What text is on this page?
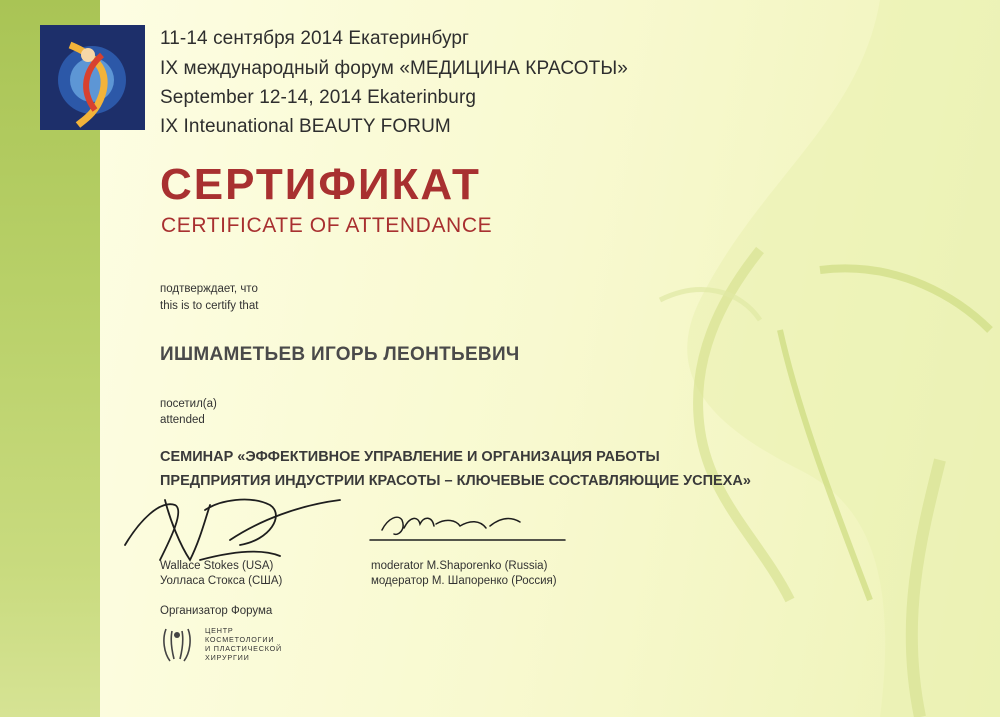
11-14 сентября 2014 Екатеринбург
IX международный форум «МЕДИЦИНА КРАСОТЫ»
September 12-14, 2014 Ekaterinburg
IX Inteunational BEAUTY FORUM
СЕРТИФИКАТ
CERTIFICATE OF ATTENDANCE
подтверждает, что
this is to certify that
ИШМАМЕТЬЕВ ИГОРЬ ЛЕОНТЬЕВИЧ
посетил(а)
attended
СЕМИНАР «ЭФФЕКТИВНОЕ УПРАВЛЕНИЕ И ОРГАНИЗАЦИЯ РАБОТЫ
ПРЕДПРИЯТИЯ ИНДУСТРИИ КРАСОТЫ – КЛЮЧЕВЫЕ СОСТАВЛЯЮЩИЕ УСПЕХА»
Wallace Stokes (USA)
Уолласа Стокса (США)
moderator M.Shaporenko (Russia)
модератор М. Шапоренко (Россия)
Организатор Форума
ЦЕНТР
КОСМЕТОЛОГИИ
И ПЛАСТИЧЕСКОЙ
ХИРУРГИИ
